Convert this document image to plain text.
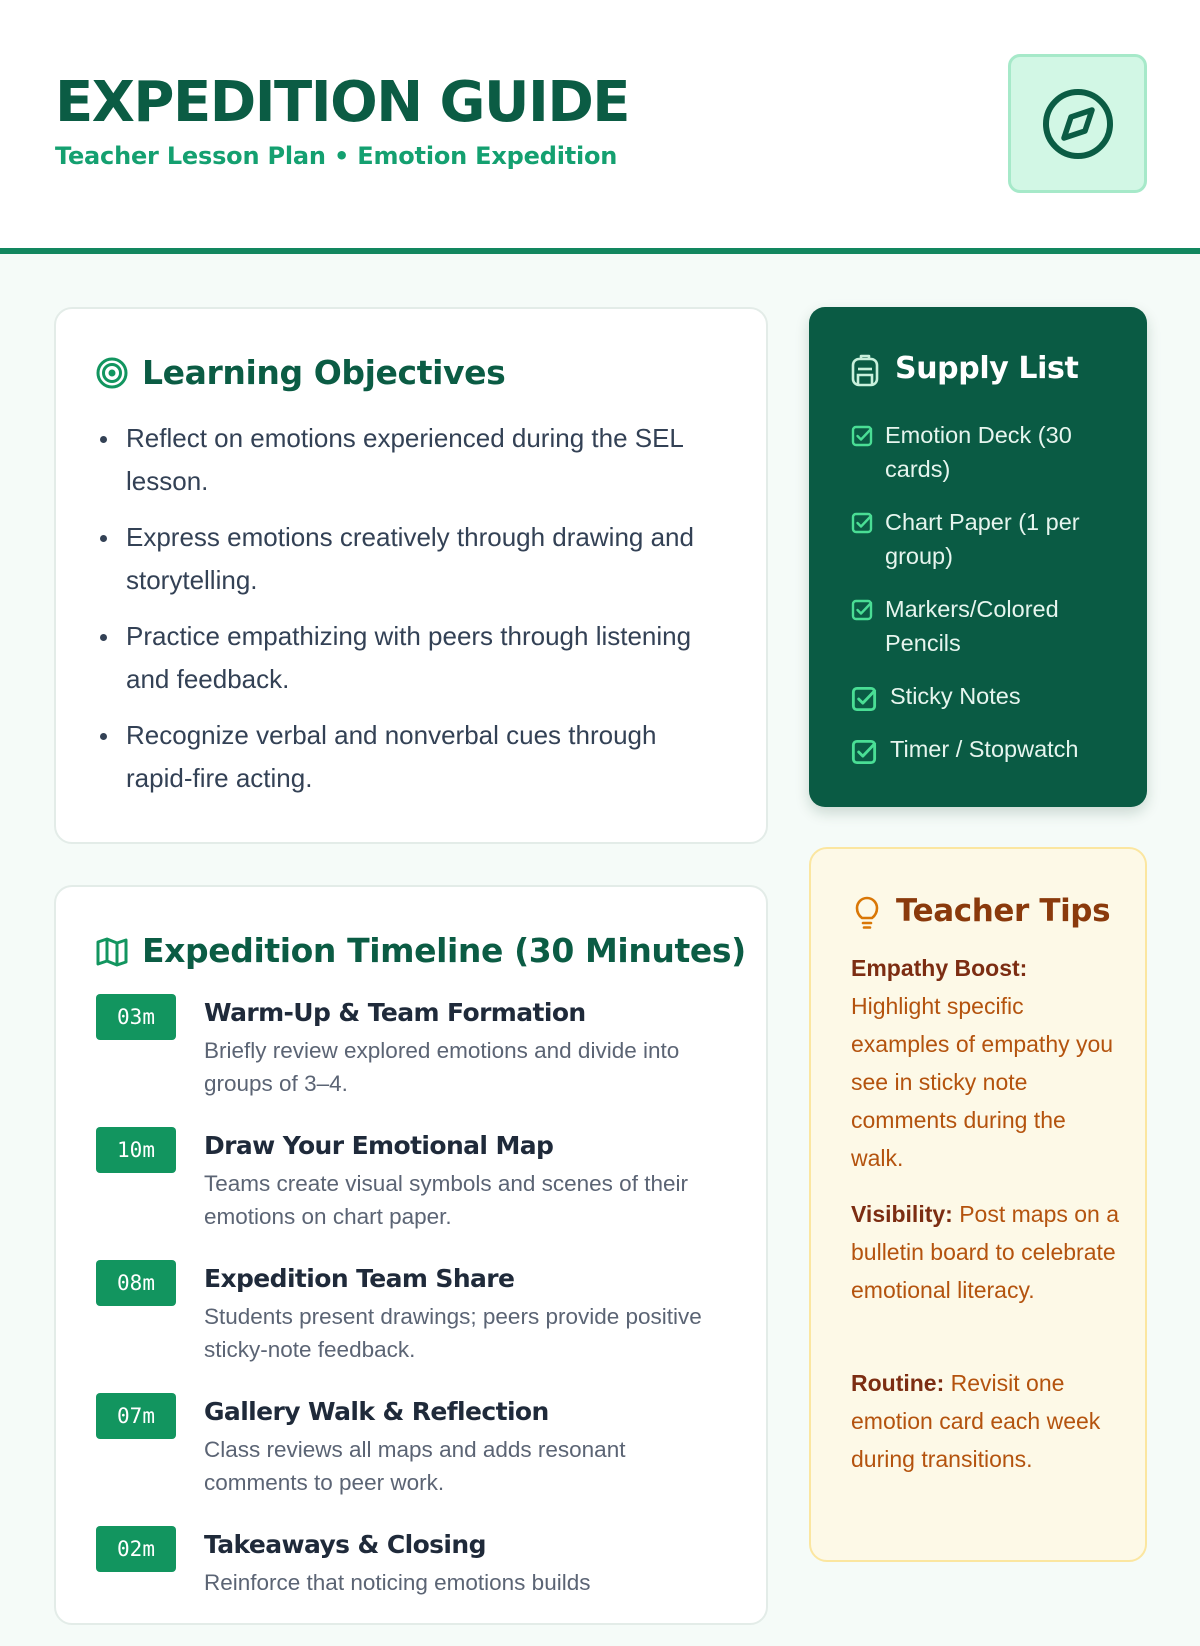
EXPEDITION GUIDE
Teacher Lesson Plan • Emotion Expedition
Learning Objectives
Reflect on emotions experienced during the SEL lesson.
Express emotions creatively through drawing and storytelling.
Practice empathizing with peers through listening and feedback.
Recognize verbal and nonverbal cues through rapid-fire acting.
Expedition Timeline (30 Minutes)
03m	Warm-Up & Team Formation
Briefly review explored emotions and divide into groups of 3–4.
10m	Draw Your Emotional Map
Teams create visual symbols and scenes of their emotions on chart paper.
08m	Expedition Team Share
Students present drawings; peers provide positive sticky-note feedback.
07m	Gallery Walk & Reflection
Class reviews all maps and adds resonant comments to peer work.
02m	Takeaways & Closing
Reinforce that noticing emotions builds
Supply List
Emotion Deck (30 cards)
Chart Paper (1 per group)
Markers/Colored Pencils
Sticky Notes
Timer / Stopwatch
Teacher Tips
Empathy Boost: Highlight specific examples of empathy you see in sticky note comments during the walk.
Visibility: Post maps on a bulletin board to celebrate emotional literacy.
Routine: Revisit one emotion card each week during transitions.
